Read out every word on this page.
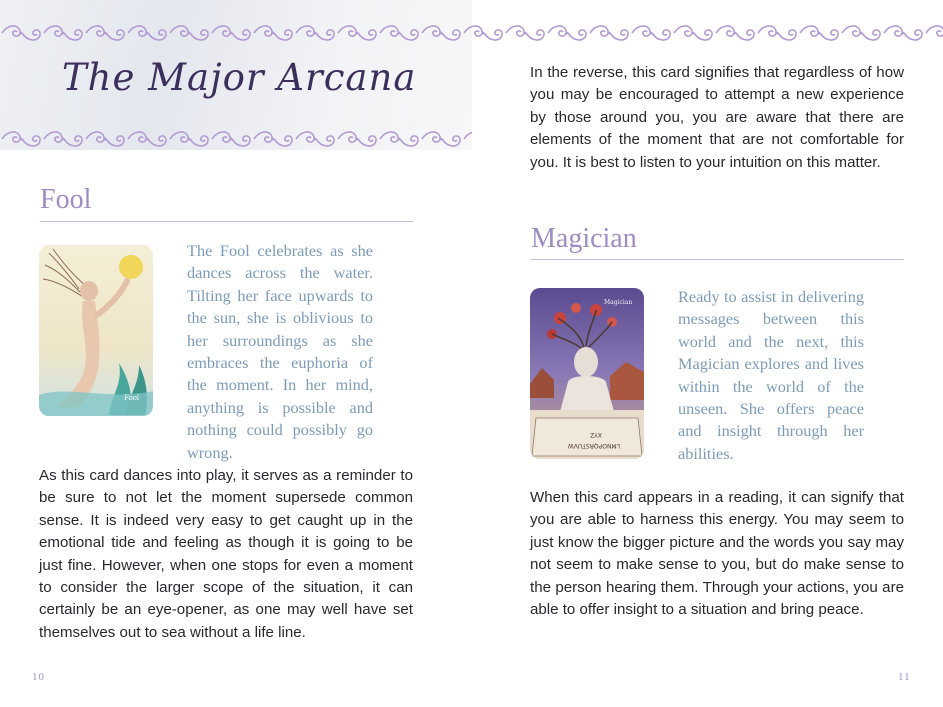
The Major Arcana
Fool
Fool

The Fool celebrates as she dances across the water. Tilting her face upwards to the sun, she is oblivious to her surroundings as she embraces the euphoria of the moment. In her mind, anything is possible and nothing could possibly go wrong.

As this card dances into play, it serves as a reminder to be sure to not let the moment supersede common sense. It is indeed very easy to get caught up in the emotional tide and feeling as though it is going to be just fine. However, when one stops for even a moment to consider the larger scope of the situation, it can certainly be an eye-opener, as one may well have set themselves out to sea without a life line.

10

In the reverse, this card signifies that regardless of how you may be encouraged to attempt a new experience by those around you, you are aware that there are elements of the moment that are not comfortable for you. It is best to listen to your intuition on this matter.

Magician
XYZ
LMNOPQRSTUVW
Magician	Ready to assist in delivering messages between this world and the next, this Magician explores and lives within the world of the unseen. She offers peace and insight through her abilities.

When this card appears in a reading, it can signify that you are able to harness this energy. You may seem to just know the bigger picture and the words you say may not seem to make sense to you, but do make sense to the person hearing them. Through your actions, you are able to offer insight to a situation and bring peace.

11
